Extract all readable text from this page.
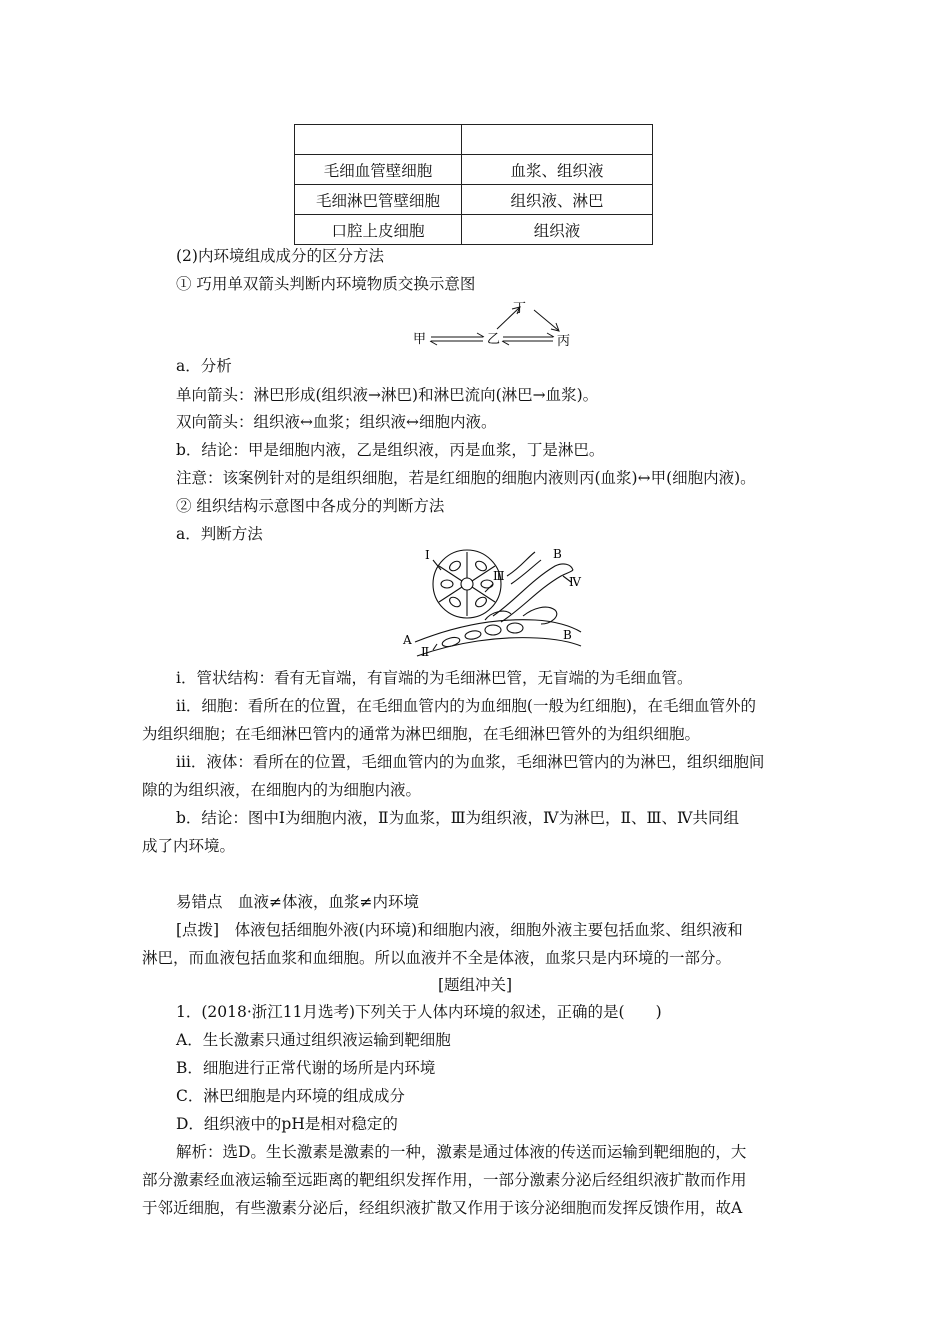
毛细血管壁细胞	血浆、组织液
毛细淋巴管壁细胞	组织液、淋巴
口腔上皮细胞	组织液
(2)内环境组成成分的区分方法
① 巧用单双箭头判断内环境物质交换示意图
甲	乙	丙
丁
a．分析
单向箭头：淋巴形成(组织液→淋巴)和淋巴流向(淋巴→血浆)。
双向箭头：组织液↔血浆；组织液↔细胞内液。
b．结论：甲是细胞内液，乙是组织液，丙是血浆，丁是淋巴。
注意：该案例针对的是组织细胞，若是红细胞的细胞内液则丙(血浆)↔甲(细胞内液)。
② 组织结构示意图中各成分的判断方法
a．判断方法
Ⅰ
Ⅲ
B
Ⅳ
B
A
Ⅱ
ⅰ．管状结构：看有无盲端，有盲端的为毛细淋巴管，无盲端的为毛细血管。
ⅱ．细胞：看所在的位置，在毛细血管内的为血细胞(一般为红细胞)，在毛细血管外的
为组织细胞；在毛细淋巴管内的通常为淋巴细胞，在毛细淋巴管外的为组织细胞。
ⅲ．液体：看所在的位置，毛细血管内的为血浆，毛细淋巴管内的为淋巴，组织细胞间
隙的为组织液，在细胞内的为细胞内液。
b．结论：图中Ⅰ为细胞内液，Ⅱ为血浆，Ⅲ为组织液，Ⅳ为淋巴，Ⅱ、Ⅲ、Ⅳ共同组
成了内环境。
易错点　血液≠体液，血浆≠内环境
[点拨]　体液包括细胞外液(内环境)和细胞内液，细胞外液主要包括血浆、组织液和
淋巴，而血液包括血浆和血细胞。所以血液并不全是体液，血浆只是内环境的一部分。
[题组冲关]
1．(2018·浙江11月选考)下列关于人体内环境的叙述，正确的是(　　)
A．生长激素只通过组织液运输到靶细胞
B．细胞进行正常代谢的场所是内环境
C．淋巴细胞是内环境的组成成分
D．组织液中的pH是相对稳定的
解析：选D。生长激素是激素的一种，激素是通过体液的传送而运输到靶细胞的，大
部分激素经血液运输至远距离的靶组织发挥作用，一部分激素分泌后经组织液扩散而作用
于邻近细胞，有些激素分泌后，经组织液扩散又作用于该分泌细胞而发挥反馈作用，故A
